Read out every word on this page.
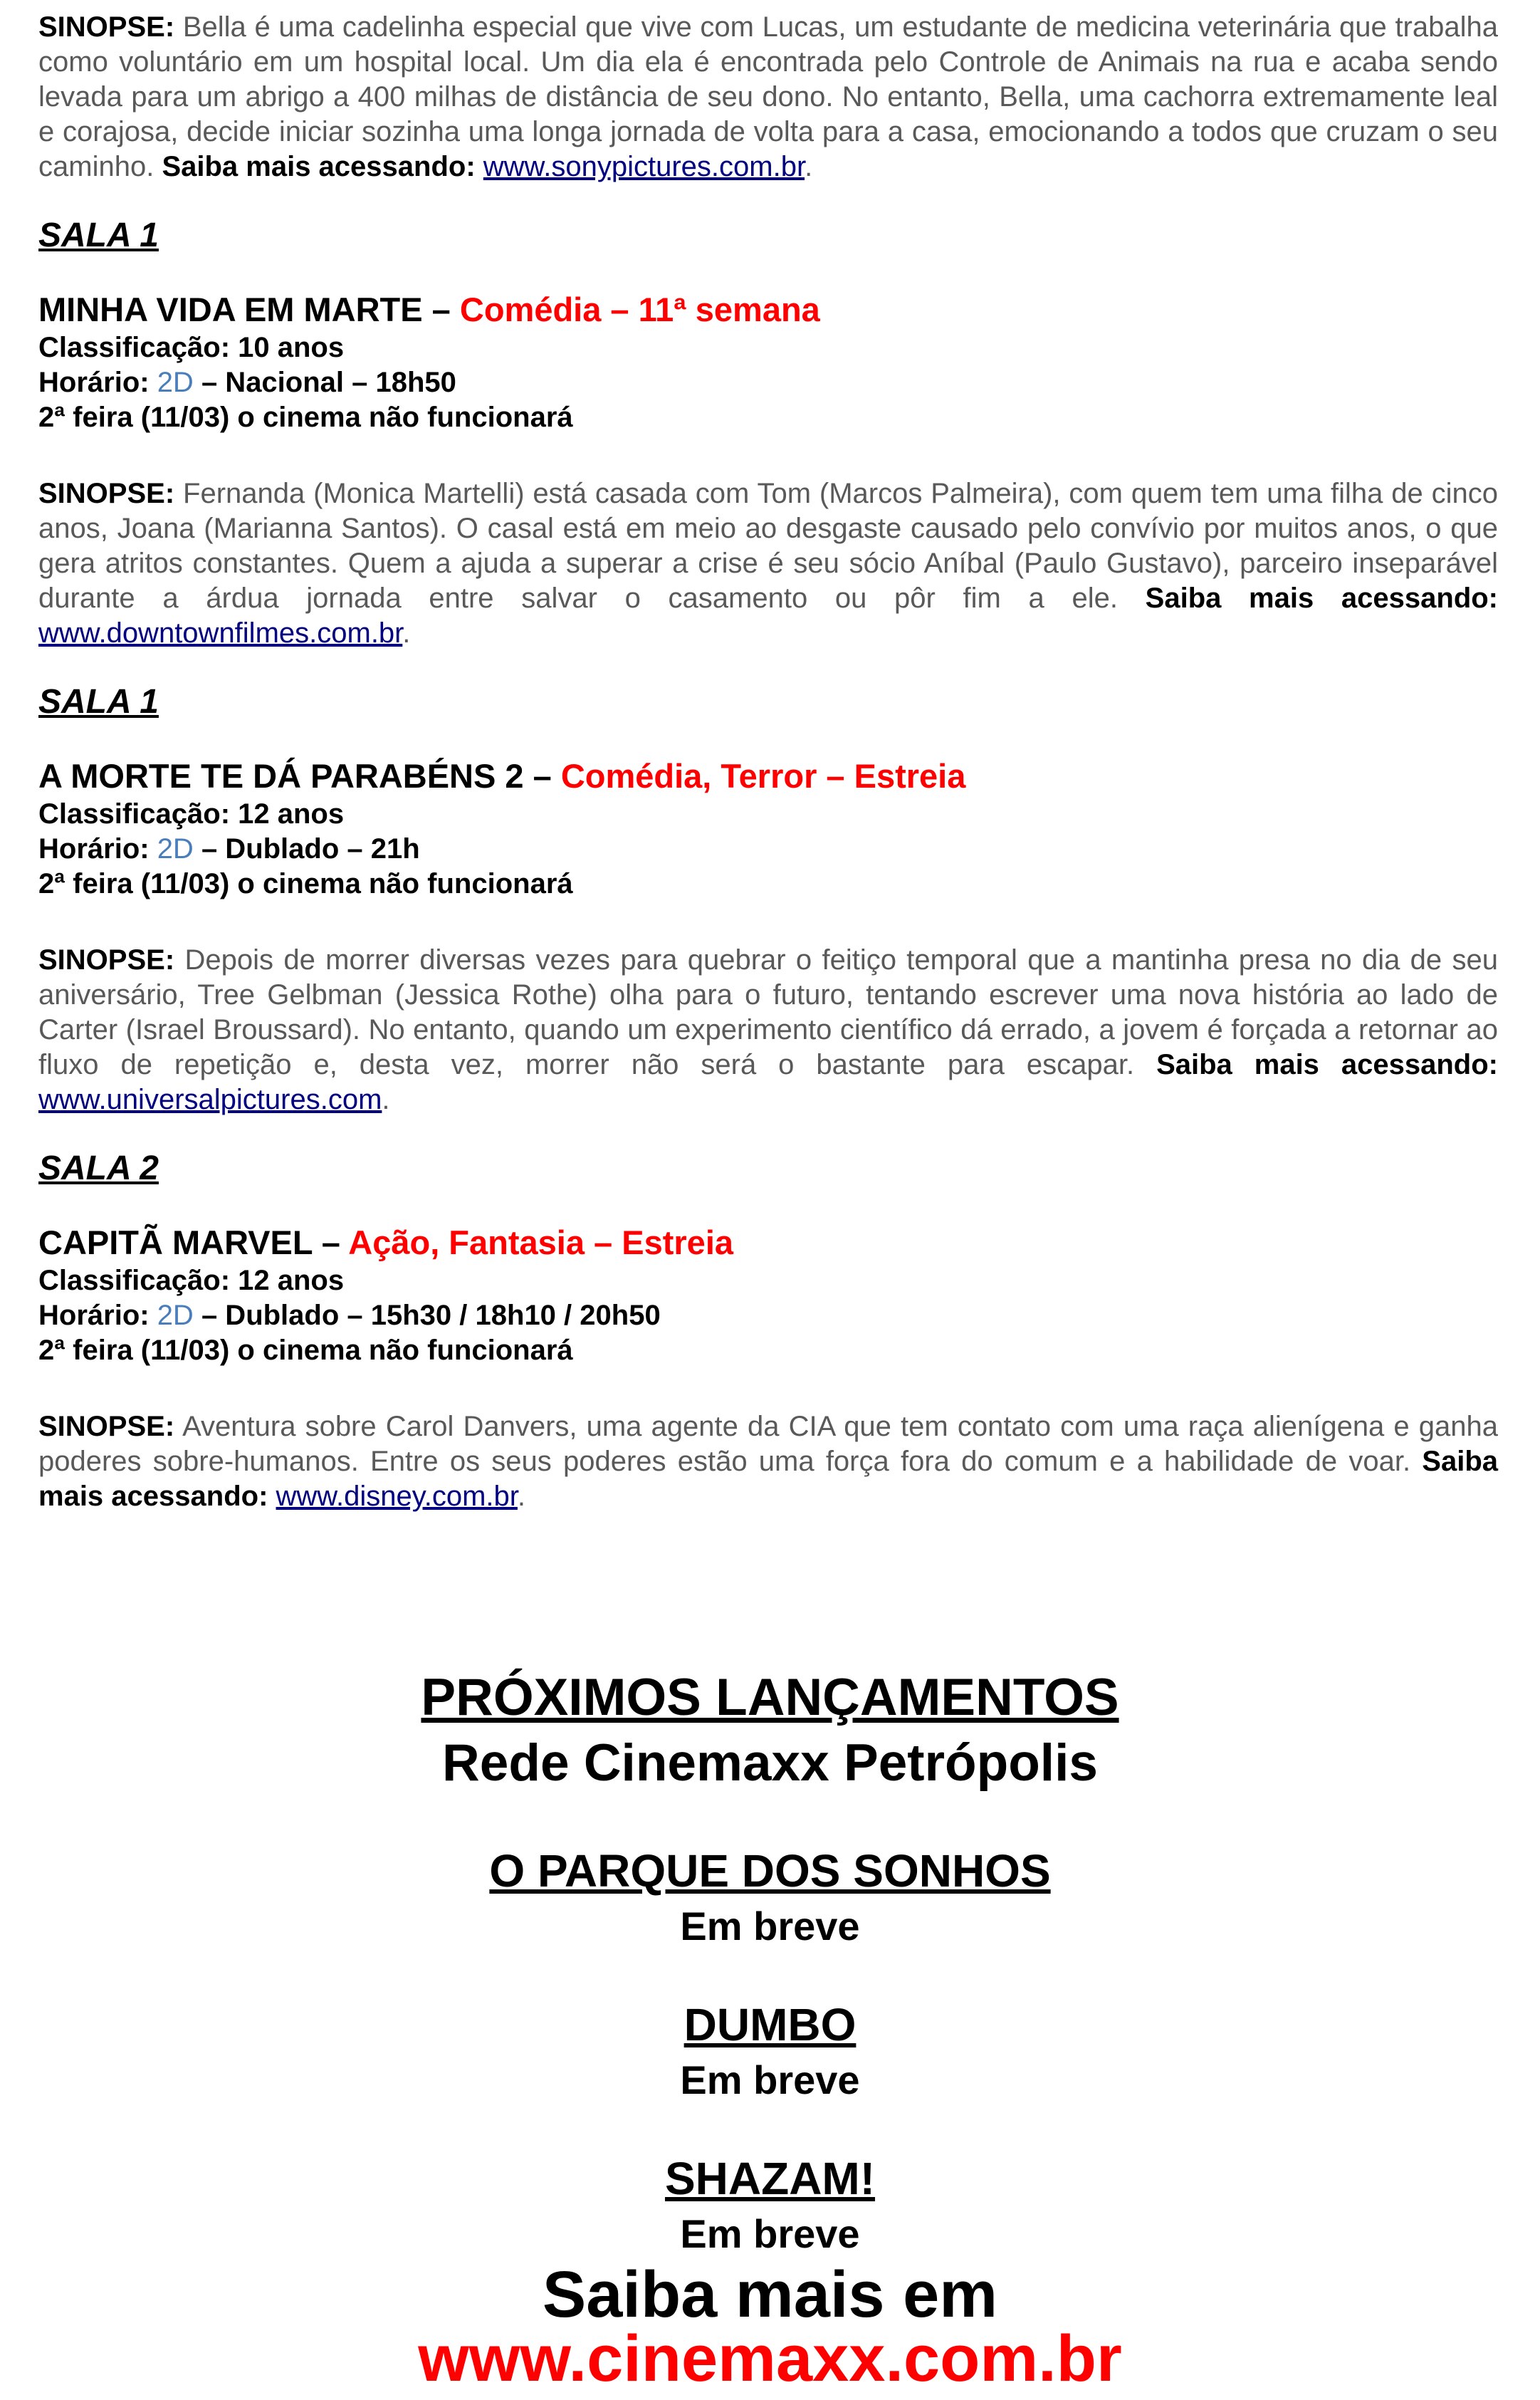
SINOPSE: Bella é uma cadelinha especial que vive com Lucas, um estudante de medicina veterinária que trabalha como voluntário em um hospital local. Um dia ela é encontrada pelo Controle de Animais na rua e acaba sendo levada para um abrigo a 400 milhas de distância de seu dono. No entanto, Bella, uma cachorra extremamente leal e corajosa, decide iniciar sozinha uma longa jornada de volta para a casa, emocionando a todos que cruzam o seu caminho. Saiba mais acessando: www.sonypictures.com.br.

SALA 1

MINHA VIDA EM MARTE – Comédia – 11ª semana

Classificação: 10 anos

Horário: 2D – Nacional – 18h50

2ª feira (11/03) o cinema não funcionará

SINOPSE: Fernanda (Monica Martelli) está casada com Tom (Marcos Palmeira), com quem tem uma filha de cinco anos, Joana (Marianna Santos). O casal está em meio ao desgaste causado pelo convívio por muitos anos, o que gera atritos constantes. Quem a ajuda a superar a crise é seu sócio Aníbal (Paulo Gustavo), parceiro inseparável durante a árdua jornada entre salvar o casamento ou pôr fim a ele. Saiba mais acessando: www.downtownfilmes.com.br.

SALA 1

A MORTE TE DÁ PARABÉNS 2 – Comédia, Terror – Estreia

Classificação: 12 anos

Horário: 2D – Dublado – 21h

2ª feira (11/03) o cinema não funcionará

SINOPSE: Depois de morrer diversas vezes para quebrar o feitiço temporal que a mantinha presa no dia de seu aniversário, Tree Gelbman (Jessica Rothe) olha para o futuro, tentando escrever uma nova história ao lado de Carter (Israel Broussard). No entanto, quando um experimento científico dá errado, a jovem é forçada a retornar ao fluxo de repetição e, desta vez, morrer não será o bastante para escapar. Saiba mais acessando: www.universalpictures.com.

SALA 2

CAPITÃ MARVEL – Ação, Fantasia – Estreia

Classificação: 12 anos

Horário: 2D – Dublado – 15h30 / 18h10 / 20h50

2ª feira (11/03) o cinema não funcionará

SINOPSE: Aventura sobre Carol Danvers, uma agente da CIA que tem contato com uma raça alienígena e ganha poderes sobre-humanos. Entre os seus poderes estão uma força fora do comum e a habilidade de voar. Saiba mais acessando: www.disney.com.br.

PRÓXIMOS LANÇAMENTOS
Rede Cinemaxx Petrópolis
O PARQUE DOS SONHOS
Em breve
DUMBO
Em breve
SHAZAM!
Em breve
Saiba mais em
www.cinemaxx.com.br
